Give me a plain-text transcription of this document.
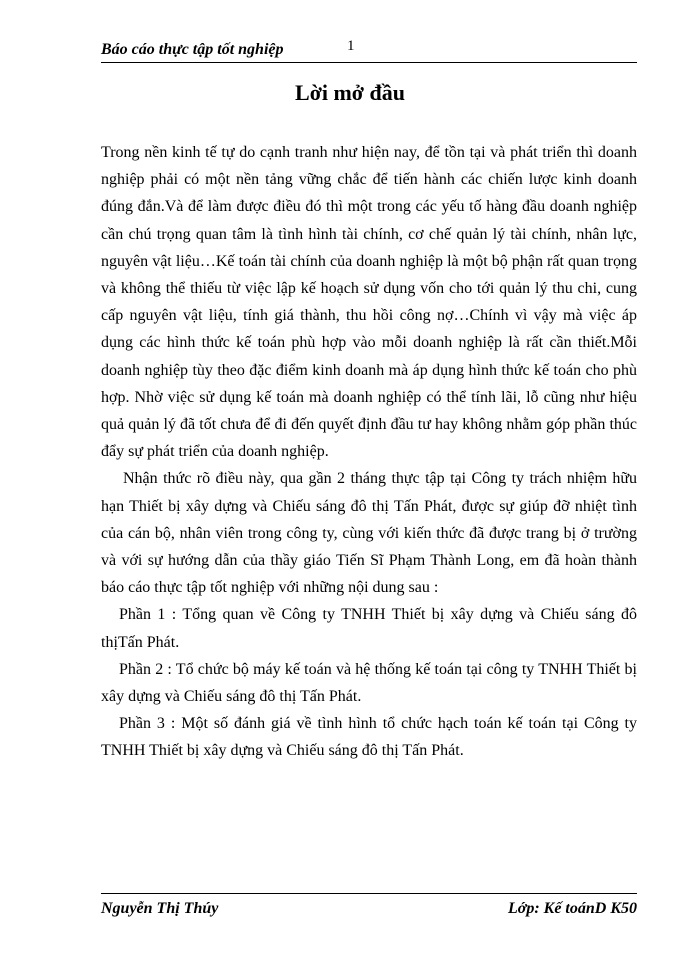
Báo cáo thực tập tốt nghiệp	1
Lời mở đầu

Trong nền kinh tế tự do cạnh tranh như hiện nay, để tồn tại và phát triển thì doanh nghiệp phải có một nền tảng vững chắc để tiến hành các chiến lược kinh doanh đúng đắn.Và để làm được điều đó thì một trong các yếu tố hàng đầu doanh nghiệp cần chú trọng quan tâm là tình hình tài chính, cơ chế quản lý tài chính, nhân lực, nguyên vật liệu…Kế toán tài chính của doanh nghiệp là một bộ phận rất quan trọng và không thể thiếu từ việc lập kế hoạch sử dụng vốn cho tới quản lý thu chi, cung cấp nguyên vật liệu, tính giá thành, thu hồi công nợ…Chính vì vậy mà việc áp dụng các hình thức kế toán phù hợp vào mỗi doanh nghiệp là rất cần thiết.Mỗi doanh nghiệp tùy theo đặc điểm kinh doanh mà áp dụng hình thức kế toán cho phù hợp. Nhờ việc sử dụng kế toán mà doanh nghiệp có thể tính lãi, lỗ cũng như hiệu quả quản lý đã tốt chưa để đi đến quyết định đầu tư hay không nhằm góp phần thúc đẩy sự phát triển của doanh nghiệp.

Nhận thức rõ điều này, qua gần 2 tháng thực tập tại Công ty trách nhiệm hữu hạn Thiết bị xây dựng và Chiếu sáng đô thị Tấn Phát, được sự giúp đỡ nhiệt tình của cán bộ, nhân viên trong công ty, cùng với kiến thức đã được trang bị ở trường và với sự hướng dẫn của thầy giáo Tiến Sĩ Phạm Thành Long, em đã hoàn thành báo cáo thực tập tốt nghiệp với những nội dung sau :

Phần 1 : Tổng quan về Công ty TNHH Thiết bị xây dựng và Chiếu sáng đô thịTấn Phát.

Phần 2 : Tổ chức bộ máy kế toán và hệ thống kế toán tại công ty TNHH Thiết bị xây dựng và Chiếu sáng đô thị Tấn Phát.

Phần 3 : Một số đánh giá về tình hình tổ chức hạch toán kế toán tại Công ty TNHH Thiết bị xây dựng và Chiếu sáng đô thị Tấn Phát.

Nguyễn Thị Thúy	Lớp: Kế toánD K50
